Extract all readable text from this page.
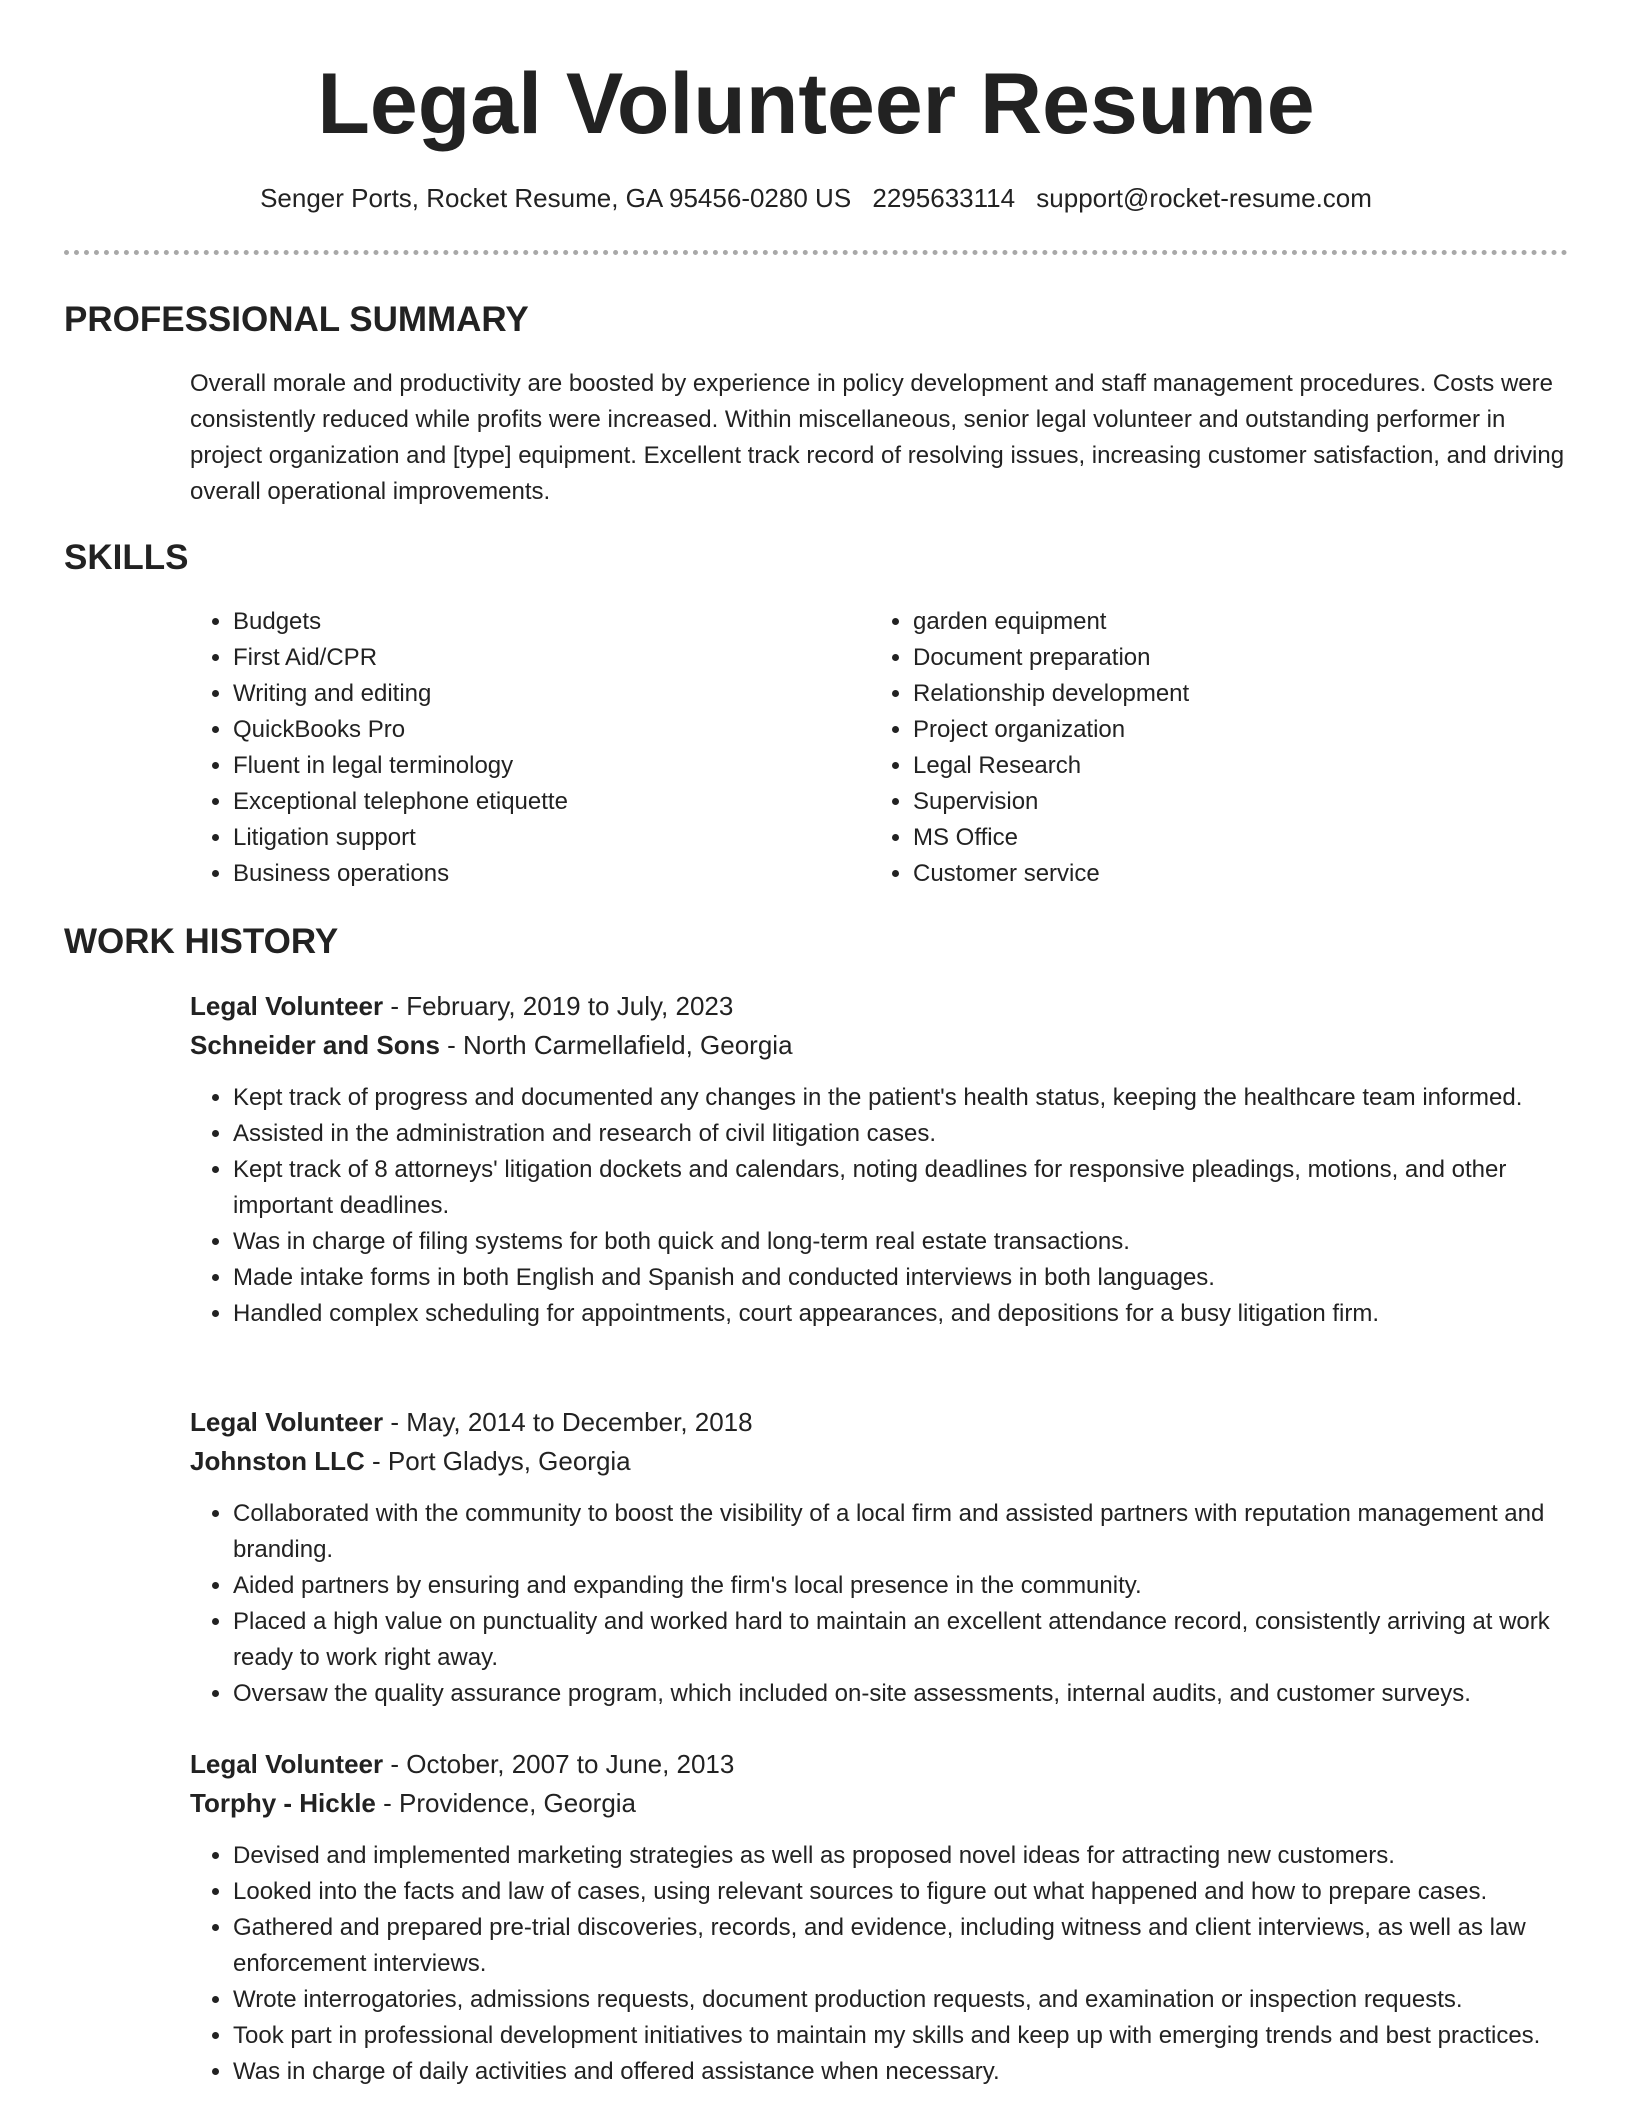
Legal Volunteer Resume
Senger Ports, Rocket Resume, GA 95456-0280 US 2295633114 support@rocket-resume.com
PROFESSIONAL SUMMARY

Overall morale and productivity are boosted by experience in policy development and staff management procedures. Costs were consistently reduced while profits were increased. Within miscellaneous, senior legal volunteer and outstanding performer in project organization and [type] equipment. Excellent track record of resolving issues, increasing customer satisfaction, and driving overall operational improvements.

SKILLS
• Budgets
• First Aid/CPR
• Writing and editing
• QuickBooks Pro
• Fluent in legal terminology
• Exceptional telephone etiquette
• Litigation support
• Business operations
• garden equipment
• Document preparation
• Relationship development
• Project organization
• Legal Research
• Supervision
• MS Office
• Customer service
WORK HISTORY
Legal Volunteer - February, 2019 to July, 2023
Schneider and Sons - North Carmellafield, Georgia
• Kept track of progress and documented any changes in the patient's health status, keeping the healthcare team informed.
• Assisted in the administration and research of civil litigation cases.
• Kept track of 8 attorneys' litigation dockets and calendars, noting deadlines for responsive pleadings, motions, and other important deadlines.
• Was in charge of filing systems for both quick and long-term real estate transactions.
• Made intake forms in both English and Spanish and conducted interviews in both languages.
• Handled complex scheduling for appointments, court appearances, and depositions for a busy litigation firm.
Legal Volunteer - May, 2014 to December, 2018
Johnston LLC - Port Gladys, Georgia
• Collaborated with the community to boost the visibility of a local firm and assisted partners with reputation management and branding.
• Aided partners by ensuring and expanding the firm's local presence in the community.
• Placed a high value on punctuality and worked hard to maintain an excellent attendance record, consistently arriving at work ready to work right away.
• Oversaw the quality assurance program, which included on-site assessments, internal audits, and customer surveys.
Legal Volunteer - October, 2007 to June, 2013
Torphy - Hickle - Providence, Georgia
• Devised and implemented marketing strategies as well as proposed novel ideas for attracting new customers.
• Looked into the facts and law of cases, using relevant sources to figure out what happened and how to prepare cases.
• Gathered and prepared pre-trial discoveries, records, and evidence, including witness and client interviews, as well as law enforcement interviews.
• Wrote interrogatories, admissions requests, document production requests, and examination or inspection requests.
• Took part in professional development initiatives to maintain my skills and keep up with emerging trends and best practices.
• Was in charge of daily activities and offered assistance when necessary.
